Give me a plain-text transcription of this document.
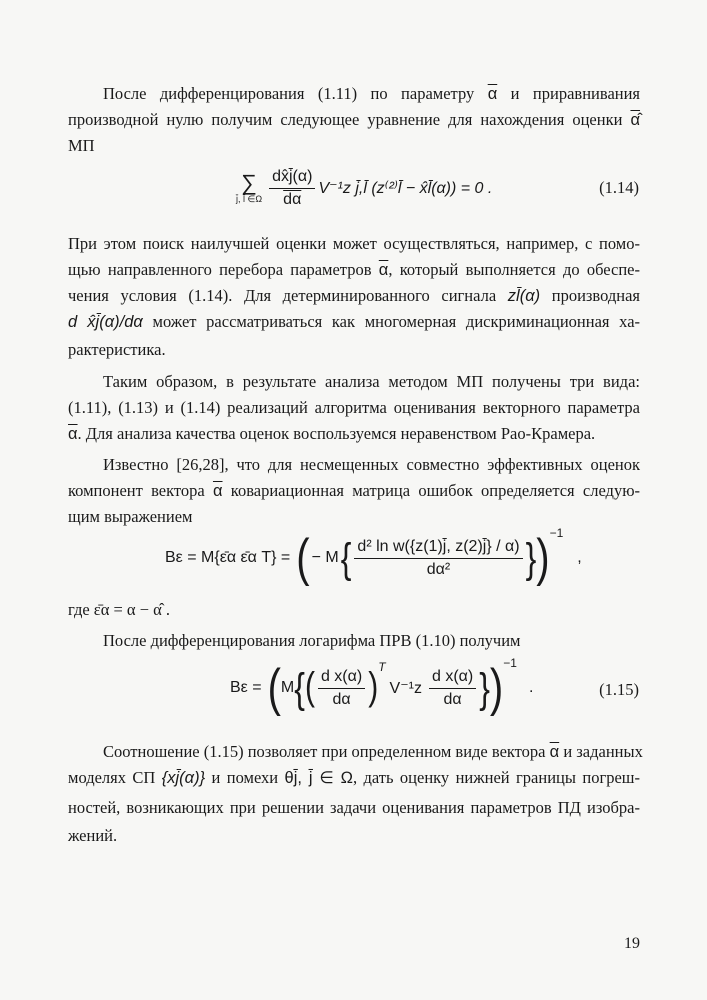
После дифференцирования (1.11) по параметру $\overline{\alpha}$ и приравнивания
производной нулю получим следующее уравнение для нахождения оценки α̂
МП
∑
j̄, l̄ ∈Ω $\frac{dx̂j̄(\alpha)}{d\alpha} V^{-1}z$ j̄,l̄ (z⁽²⁾l̄ − x̂l̄(α)) = 0 .	(1.14)
При этом поиск наилучшей оценки может осуществляться, например, с помо-
щью направленного перебора параметров $\overline{\alpha}$, который выполняется до обеспе-
чения условия (1.14). Для детерминированного сигнала zl̄(α) производная
d x̂j̄(α)/dα может рассматриваться как многомерная дискриминационная ха-
рактеристика.
Таким образом, в результате анализа методом МП получены три вида:
(1.11), (1.13) и (1.14) реализаций алгоритма оценивания векторного параметра
$\overline{\alpha}$. Для анализа качества оценок воспользуемся неравенством Рао-Крамера.
Известно [26,28], что для несмещенных совместно эффективных оценок
компонент вектора $\overline{\alpha}$ ковариационная матрица ошибок определяется следую-
щим выражением
Bε = M{ε̄α ε̄α T} = ( − M { $\frac{\text{d² ln w(\{z(1)j̄, z(2)j̄\} / α)}}{\text{dα²}}$ } ) −1
,
где ε̄α = α − α̂ .
После дифференцирования логарифма ПРВ (1.10) получим
Bε = ( M { ( $\frac{\text{d x(α)}}{d\alpha}$ ) T
$V^{-1}z \frac{\text{d x(α)}}{d\alpha}$ } ) −1
.	(1.15)
Соотношение (1.15) позволяет при определенном виде вектора $\overline{\alpha}$ и заданных
моделях СП {xj̄(α)} и помехи θj̄, j̄ ∈ Ω, дать оценку нижней границы погреш-
ностей, возникающих при решении задачи оценивания параметров ПД изобра-
жений.
19
